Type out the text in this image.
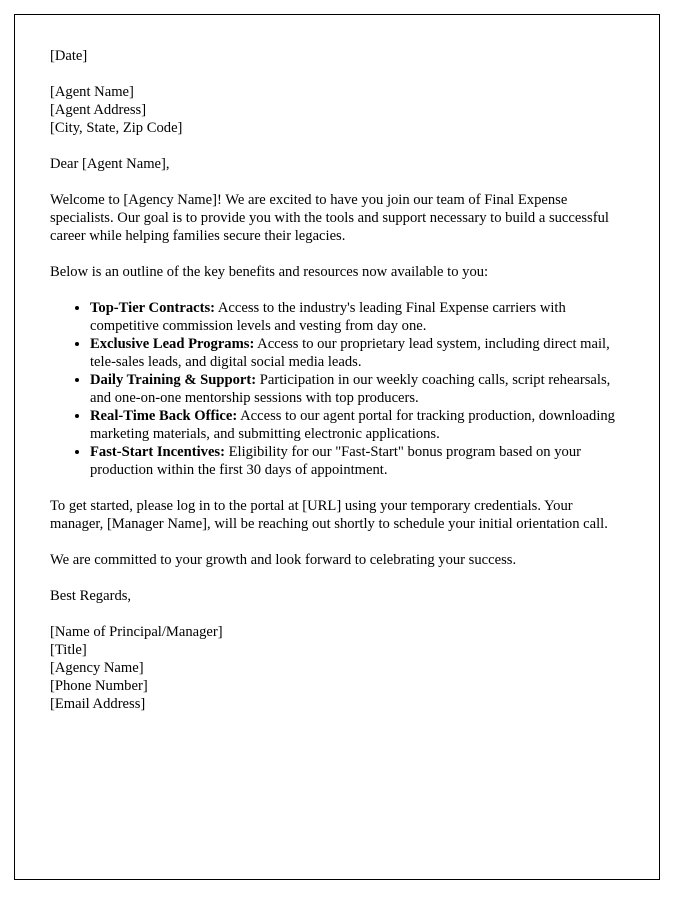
[Date]
[Agent Name]
[Agent Address]
[City, State, Zip Code]

Dear [Agent Name],

Welcome to [Agency Name]! We are excited to have you join our team of Final Expense specialists. Our goal is to provide you with the tools and support necessary to build a successful career while helping families secure their legacies.

Below is an outline of the key benefits and resources now available to you:

• Top-Tier Contracts: Access to the industry's leading Final Expense carriers with competitive commission levels and vesting from day one.
• Exclusive Lead Programs: Access to our proprietary lead system, including direct mail, tele-sales leads, and digital social media leads.
• Daily Training & Support: Participation in our weekly coaching calls, script rehearsals, and one-on-one mentorship sessions with top producers.
• Real-Time Back Office: Access to our agent portal for tracking production, downloading marketing materials, and submitting electronic applications.
• Fast-Start Incentives: Eligibility for our "Fast-Start" bonus program based on your production within the first 30 days of appointment.

To get started, please log in to the portal at [URL] using your temporary credentials. Your manager, [Manager Name], will be reaching out shortly to schedule your initial orientation call.

We are committed to your growth and look forward to celebrating your success.

Best Regards,

[Name of Principal/Manager]
[Title]
[Agency Name]
[Phone Number]
[Email Address]
